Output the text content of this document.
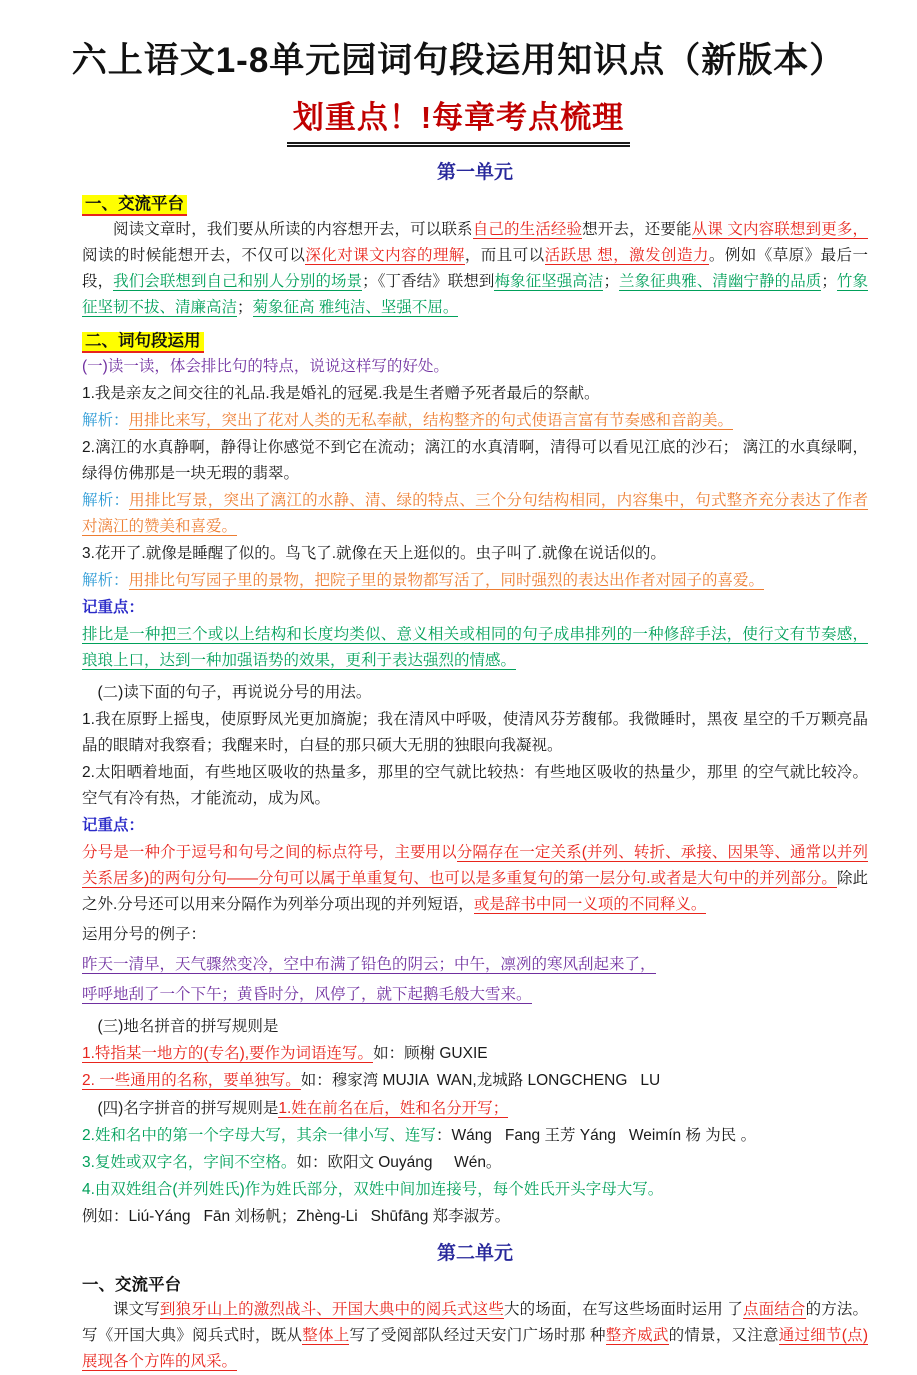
六上语文1-8单元园词句段运用知识点（新版本）
划重点！!每章考点梳理
第一单元
一、交流平台

阅读文章时，我们要从所读的内容想开去，可以联系自己的生活经验想开去，还要能从课 文内容联想到更多，阅读的时候能想开去，不仅可以深化对课文内容的理解，而且可以活跃思 想，激发创造力。例如《草原》最后一段，我们会联想到自己和别人分别的场景；《丁香结》联想到梅象征坚强高洁；兰象征典雅、清幽宁静的品质；竹象征坚韧不拔、清廉高洁；菊象征高 雅纯洁、坚强不屈。

二、词句段运用

(一)读一读，体会排比句的特点，说说这样写的好处。

1.我是亲友之间交往的礼品.我是婚礼的冠冕.我是生者赠予死者最后的祭献。

解析：用排比来写，突出了花对人类的无私奉献，结构整齐的句式使语言富有节奏感和音韵美。

2.漓江的水真静啊，静得让你感觉不到它在流动；漓江的水真清啊，清得可以看见江底的沙石； 漓江的水真绿啊，绿得仿佛那是一块无瑕的翡翠。

解析：用排比写景，突出了漓江的水静、清、绿的特点、三个分句结构相同，内容集中，句式整齐充分表达了作者对漓江的赞美和喜爱。

3.花开了.就像是睡醒了似的。鸟飞了.就像在天上逛似的。虫子叫了.就像在说话似的。

解析：用排比句写园子里的景物，把院子里的景物都写活了，同时强烈的表达出作者对园子的喜爱。

记重点：

排比是一种把三个或以上结构和长度均类似、意义相关或相同的句子成串排列的一种修辞手法，使行文有节奏感，琅琅上口，达到一种加强语势的效果，更利于表达强烈的情感。

(二)读下面的句子，再说说分号的用法。

1.我在原野上摇曳，使原野凤光更加旖旎；我在清风中呼吸，使清风芬芳馥郁。我微睡时，黑夜 星空的千万颗亮晶晶的眼睛对我察看；我醒来时，白昼的那只硕大无朋的独眼向我凝视。

2.太阳晒着地面，有些地区吸收的热量多，那里的空气就比较热：有些地区吸收的热量少，那里 的空气就比较冷。空气有冷有热，才能流动，成为风。

记重点：

分号是一种介于逗号和句号之间的标点符号，主要用以分隔存在一定关系(并列、转折、承接、因果等、通常以并列关系居多)的两句分句——分句可以属于单重复句、也可以是多重复句的第一层分句.或者是大句中的并列部分。除此之外.分号还可以用来分隔作为列举分项出现的并列短语，或是辞书中同一义项的不同释义。

运用分号的例子：

昨天一清早，天气骤然变冷，空中布满了铅色的阴云；中午，凛冽的寒风刮起来了，

呼呼地刮了一个下午；黄昏时分，风停了，就下起鹅毛般大雪来。

(三)地名拼音的拼写规则是

1.特指某一地方的(专名),要作为词语连写。如：顾榭 GUXIE

2. 一些通用的名称，要单独写。如：穆家湾 MUJIA  WAN,龙城路 LONGCHENG   LU

(四)名字拼音的拼写规则是1.姓在前名在后，姓和名分开写；

2.姓和名中的第一个字母大写，其余一律小写、连写：Wáng   Fang 王芳 Yáng   Weimín 杨 为民 。

3.复姓或双字名，字间不空格。如：欧阳文 Ouyáng     Wén。

4.由双姓组合(并列姓氏)作为姓氏部分，双姓中间加连接号，每个姓氏开头字母大写。

例如：Liú-Yáng   Fān 刘杨帆；Zhèng-Li   Shūfāng 郑李淑芳。

第二单元
一、交流平台

课文写到狼牙山上的激烈战斗、开国大典中的阅兵式这些大的场面，在写这些场面时运用 了点面结合的方法。写《开国大典》阅兵式时，既从整体上写了受阅部队经过天安门广场时那 种整齐威武的情景，又注意通过细节(点)展现各个方阵的风采。
